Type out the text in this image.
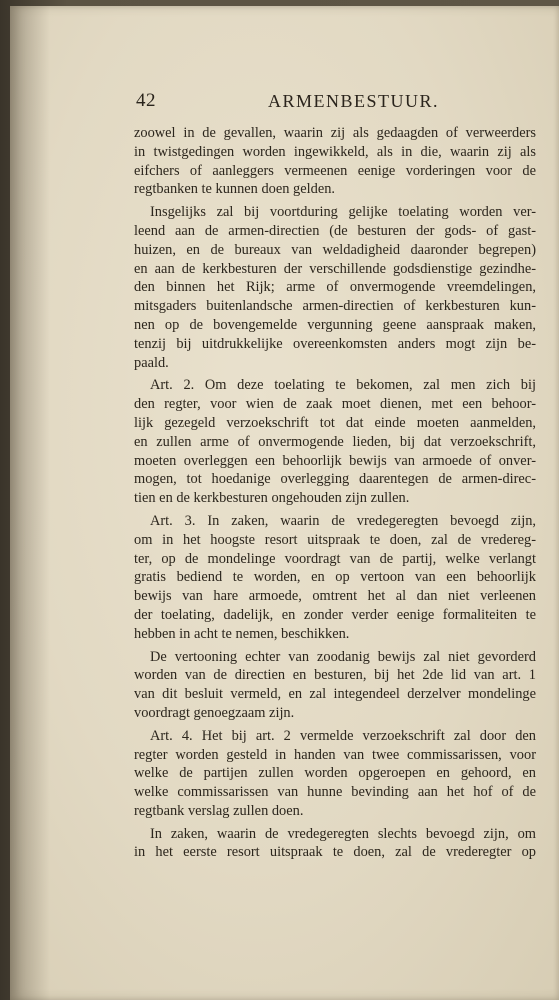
42	ARMENBESTUUR.
zoowel in de gevallen, waarin zij als gedaagden of verweerders
in twistgedingen worden ingewikkeld, als in die, waarin zij als
eifchers of aanleggers vermeenen eenige vorderingen voor de
regtbanken te kunnen doen gelden.
Insgelijks zal bij voortduring gelijke toelating worden ver-
leend aan de armen-directien (de besturen der gods- of gast-
huizen, en de bureaux van weldadigheid daaronder begrepen)
en aan de kerkbesturen der verschillende godsdienstige gezindhe-
den binnen het Rijk; arme of onvermogende vreemdelingen,
mitsgaders buitenlandsche armen-directien of kerkbesturen kun-
nen op de bovengemelde vergunning geene aanspraak maken,
tenzij bij uitdrukkelijke overeenkomsten anders mogt zijn be-
paald.
Art. 2. Om deze toelating te bekomen, zal men zich bij
den regter, voor wien de zaak moet dienen, met een behoor-
lijk gezegeld verzoekschrift tot dat einde moeten aanmelden,
en zullen arme of onvermogende lieden, bij dat verzoekschrift,
moeten overleggen een behoorlijk bewijs van armoede of onver-
mogen, tot hoedanige overlegging daarentegen de armen-direc-
tien en de kerkbesturen ongehouden zijn zullen.
Art. 3. In zaken, waarin de vredegeregten bevoegd zijn,
om in het hoogste resort uitspraak te doen, zal de vredereg-
ter, op de mondelinge voordragt van de partij, welke verlangt
gratis bediend te worden, en op vertoon van een behoorlijk
bewijs van hare armoede, omtrent het al dan niet verleenen
der toelating, dadelijk, en zonder verder eenige formaliteiten te
hebben in acht te nemen, beschikken.
De vertooning echter van zoodanig bewijs zal niet gevorderd
worden van de directien en besturen, bij het 2de lid van art. 1
van dit besluit vermeld, en zal integendeel derzelver mondelinge
voordragt genoegzaam zijn.
Art. 4. Het bij art. 2 vermelde verzoekschrift zal door den
regter worden gesteld in handen van twee commissarissen, voor
welke de partijen zullen worden opgeroepen en gehoord, en
welke commissarissen van hunne bevinding aan het hof of de
regtbank verslag zullen doen.
In zaken, waarin de vredegeregten slechts bevoegd zijn, om
in het eerste resort uitspraak te doen, zal de vrederegter op
